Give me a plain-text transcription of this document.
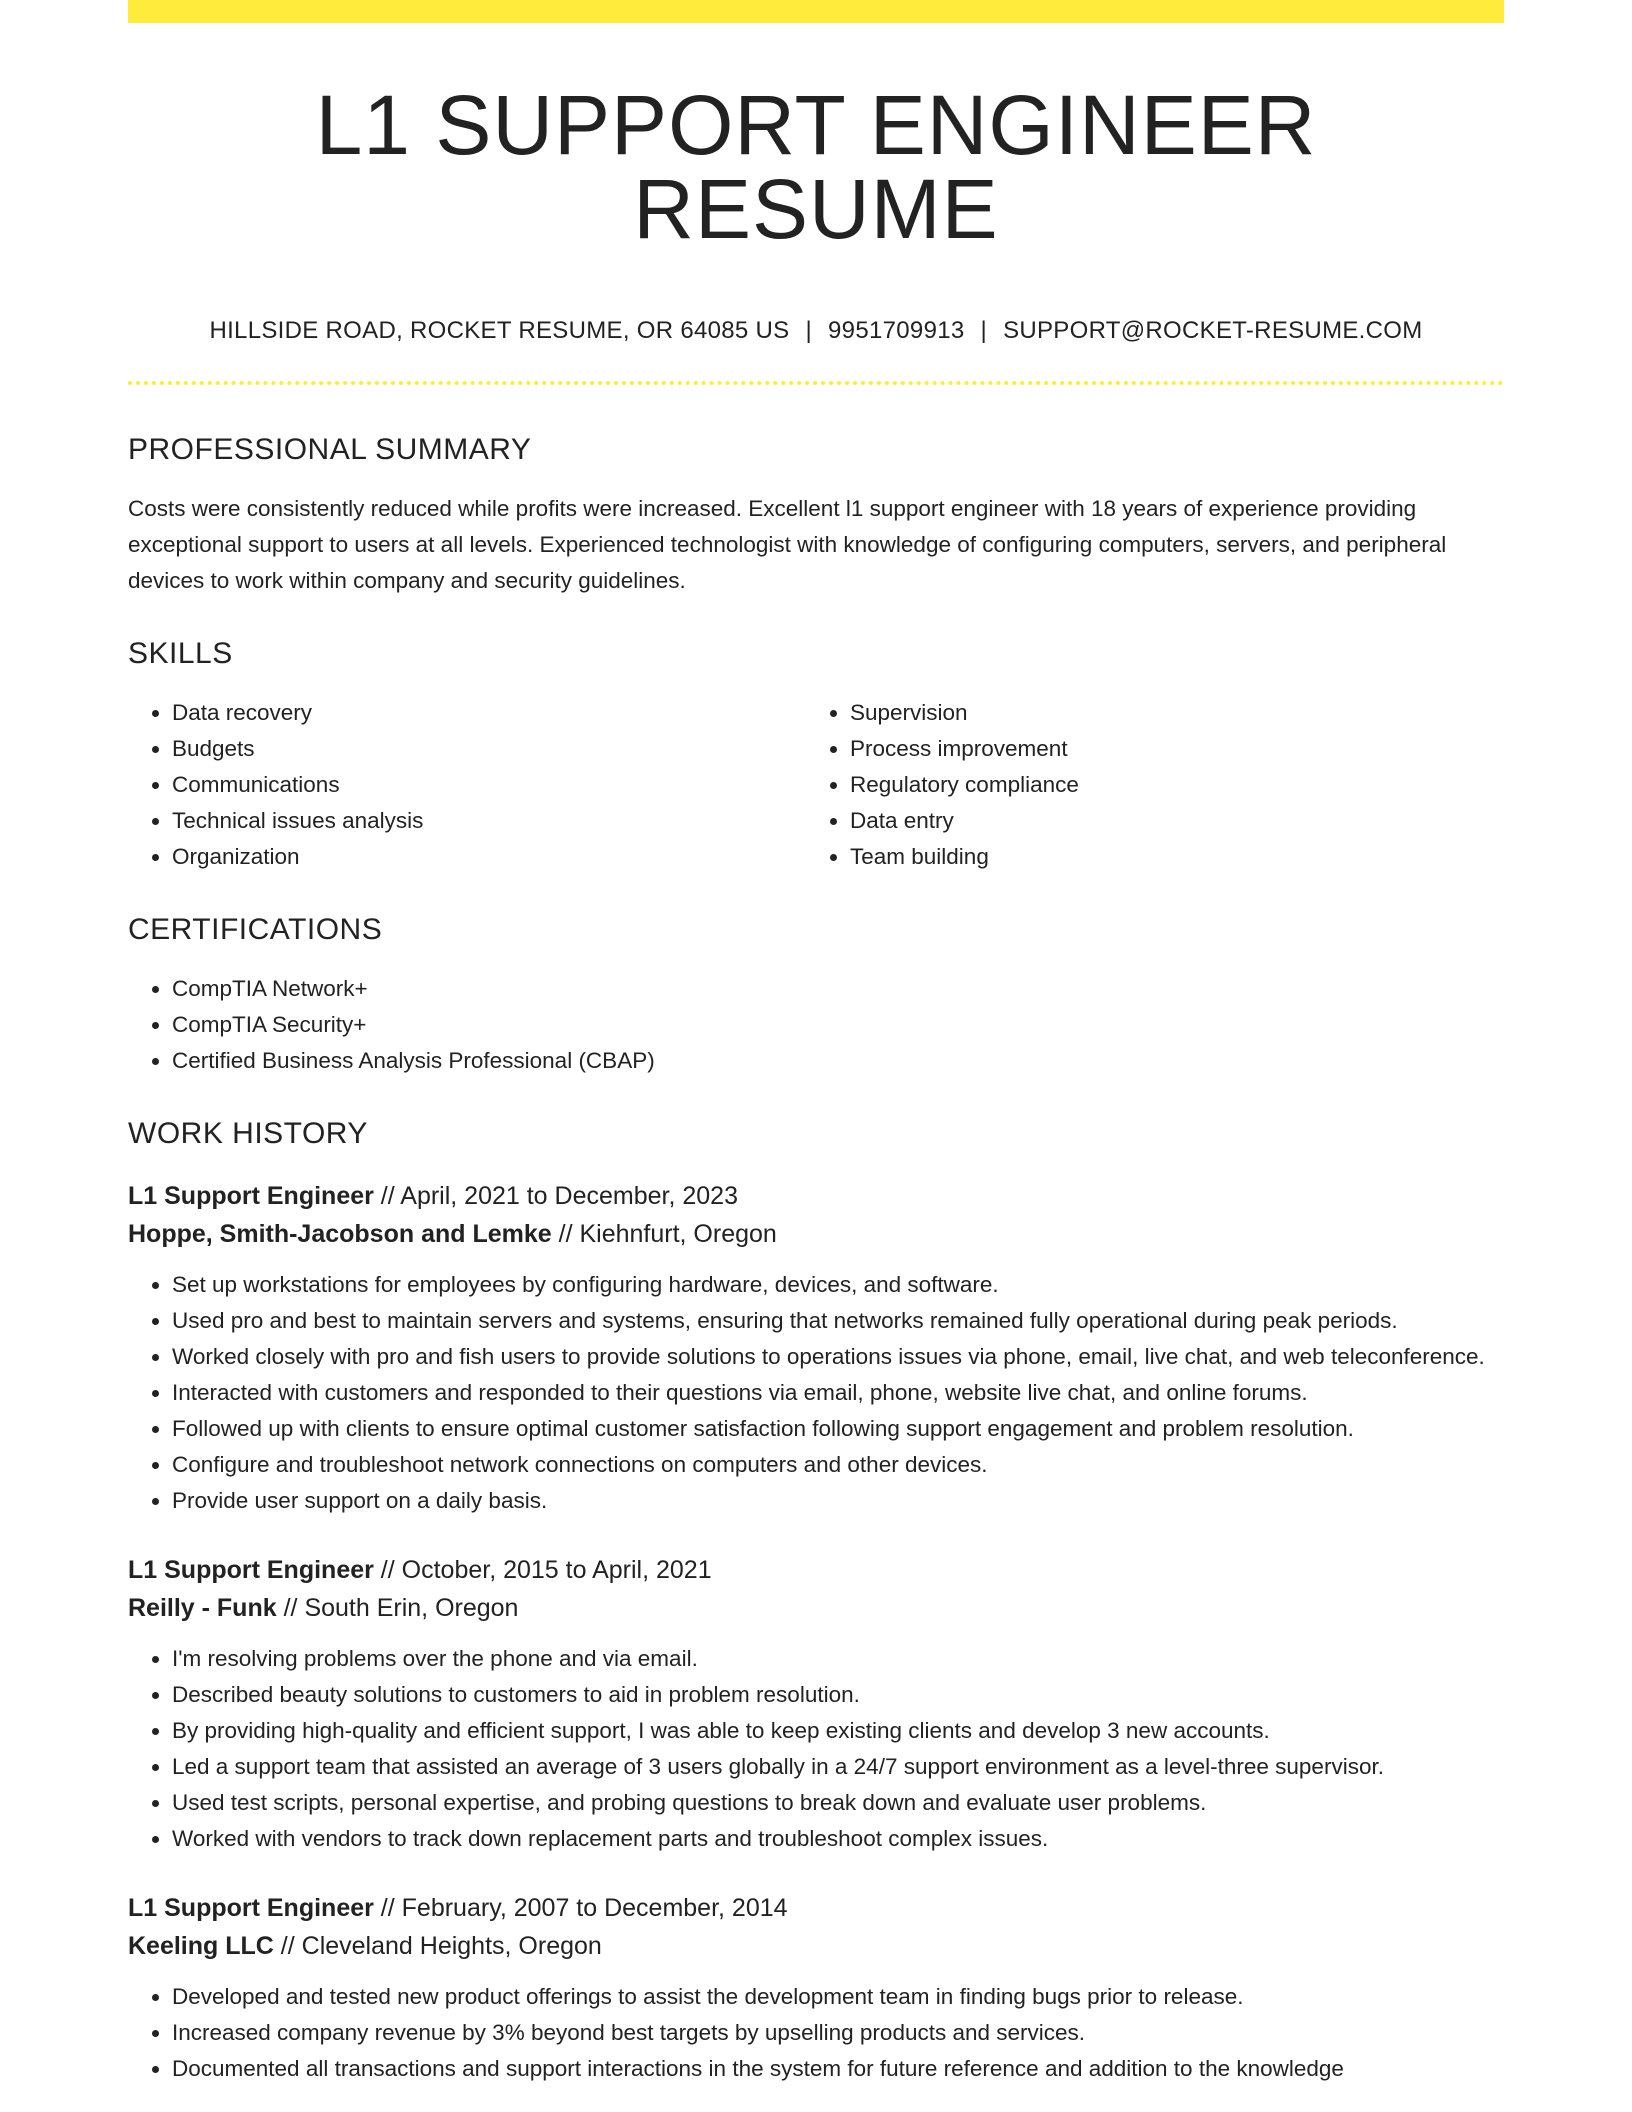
L1 SUPPORT ENGINEER RESUME
HILLSIDE ROAD, ROCKET RESUME, OR 64085 US | 9951709913 | SUPPORT@ROCKET-RESUME.COM
PROFESSIONAL SUMMARY
Costs were consistently reduced while profits were increased. Excellent l1 support engineer with 18 years of experience providing exceptional support to users at all levels. Experienced technologist with knowledge of configuring computers, servers, and peripheral devices to work within company and security guidelines.
SKILLS
• Data recovery
• Budgets
• Communications
• Technical issues analysis
• Organization
• Supervision
• Process improvement
• Regulatory compliance
• Data entry
• Team building
CERTIFICATIONS
• CompTIA Network+
• CompTIA Security+
• Certified Business Analysis Professional (CBAP)
WORK HISTORY
L1 Support Engineer // April, 2021 to December, 2023
Hoppe, Smith-Jacobson and Lemke // Kiehnfurt, Oregon
• Set up workstations for employees by configuring hardware, devices, and software.
• Used pro and best to maintain servers and systems, ensuring that networks remained fully operational during peak periods.
• Worked closely with pro and fish users to provide solutions to operations issues via phone, email, live chat, and web teleconference.
• Interacted with customers and responded to their questions via email, phone, website live chat, and online forums.
• Followed up with clients to ensure optimal customer satisfaction following support engagement and problem resolution.
• Configure and troubleshoot network connections on computers and other devices.
• Provide user support on a daily basis.
L1 Support Engineer // October, 2015 to April, 2021
Reilly - Funk // South Erin, Oregon
• I'm resolving problems over the phone and via email.
• Described beauty solutions to customers to aid in problem resolution.
• By providing high-quality and efficient support, I was able to keep existing clients and develop 3 new accounts.
• Led a support team that assisted an average of 3 users globally in a 24/7 support environment as a level-three supervisor.
• Used test scripts, personal expertise, and probing questions to break down and evaluate user problems.
• Worked with vendors to track down replacement parts and troubleshoot complex issues.
L1 Support Engineer // February, 2007 to December, 2014
Keeling LLC // Cleveland Heights, Oregon
• Developed and tested new product offerings to assist the development team in finding bugs prior to release.
• Increased company revenue by 3% beyond best targets by upselling products and services.
• Documented all transactions and support interactions in the system for future reference and addition to the knowledge
